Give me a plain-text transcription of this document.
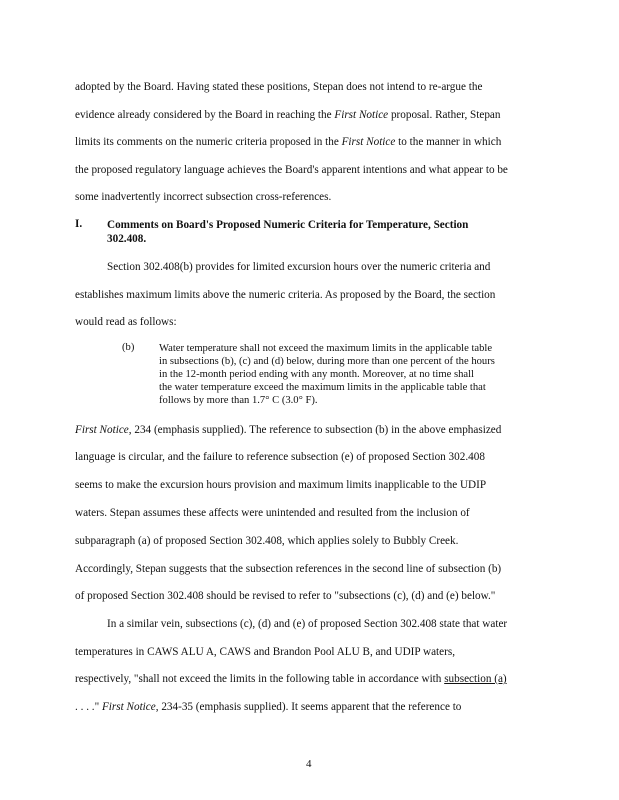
adopted by the Board. Having stated these positions, Stepan does not intend to re-argue the
evidence already considered by the Board in reaching the First Notice proposal. Rather, Stepan
limits its comments on the numeric criteria proposed in the First Notice to the manner in which
the proposed regulatory language achieves the Board's apparent intentions and what appear to be
some inadvertently incorrect subsection cross-references.
I. Comments on Board's Proposed Numeric Criteria for Temperature, Section
302.408.
Section 302.408(b) provides for limited excursion hours over the numeric criteria and
establishes maximum limits above the numeric criteria. As proposed by the Board, the section
would read as follows:
(b) Water temperature shall not exceed the maximum limits in the applicable table
in subsections (b), (c) and (d) below, during more than one percent of the hours
in the 12-month period ending with any month. Moreover, at no time shall
the water temperature exceed the maximum limits in the applicable table that
follows by more than 1.7° C (3.0° F).
First Notice, 234 (emphasis supplied). The reference to subsection (b) in the above emphasized
language is circular, and the failure to reference subsection (e) of proposed Section 302.408
seems to make the excursion hours provision and maximum limits inapplicable to the UDIP
waters. Stepan assumes these affects were unintended and resulted from the inclusion of
subparagraph (a) of proposed Section 302.408, which applies solely to Bubbly Creek.
Accordingly, Stepan suggests that the subsection references in the second line of subsection (b)
of proposed Section 302.408 should be revised to refer to "subsections (c), (d) and (e) below."
In a similar vein, subsections (c), (d) and (e) of proposed Section 302.408 state that water
temperatures in CAWS ALU A, CAWS and Brandon Pool ALU B, and UDIP waters,
respectively, "shall not exceed the limits in the following table in accordance with subsection (a)
. . . ." First Notice, 234-35 (emphasis supplied). It seems apparent that the reference to
4
